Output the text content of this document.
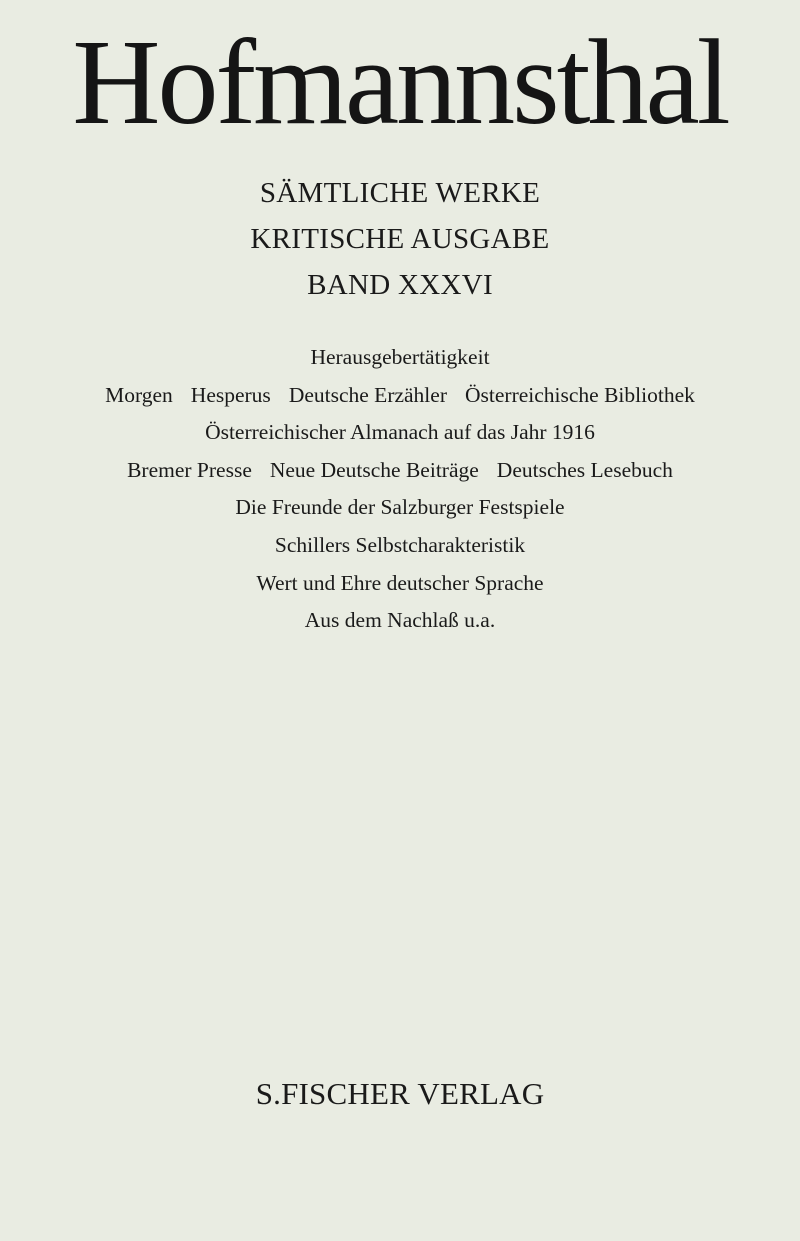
Hofmannsthal
SÄMTLICHE WERKE
KRITISCHE AUSGABE
BAND XXXVI
Herausgebertätigkeit
Morgen Hesperus Deutsche Erzähler Österreichische Bibliothek
Österreichischer Almanach auf das Jahr 1916
Bremer Presse Neue Deutsche Beiträge Deutsches Lesebuch
Die Freunde der Salzburger Festspiele
Schillers Selbstcharakteristik
Wert und Ehre deutscher Sprache
Aus dem Nachlaß u.a.
S.FISCHER VERLAG
